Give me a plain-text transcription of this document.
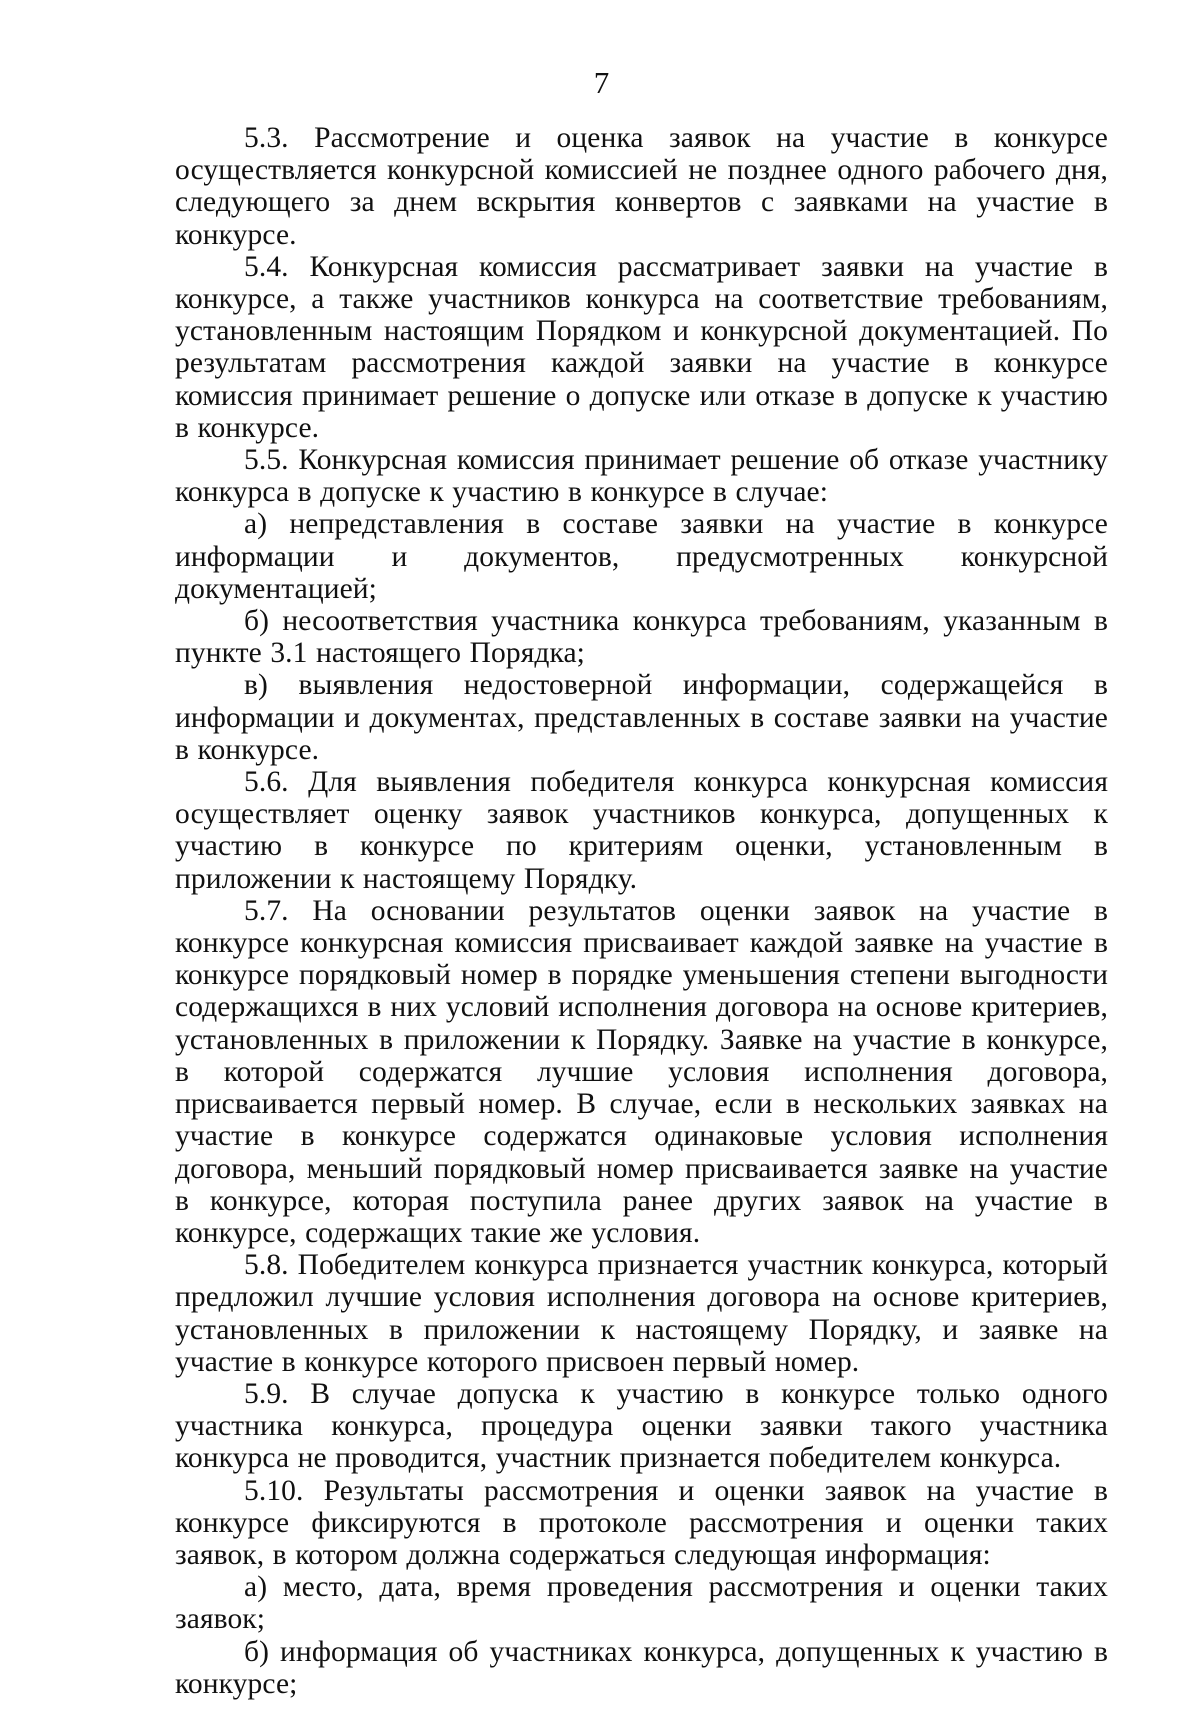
7

5.3. Рассмотрение и оценка заявок на участие в конкурсе осуществляется конкурсной комиссией не позднее одного рабочего дня, следующего за днем вскрытия конвертов с заявками на участие в конкурсе.

5.4. Конкурсная комиссия рассматривает заявки на участие в конкурсе, а также участников конкурса на соответствие требованиям, установленным настоящим Порядком и конкурсной документацией. По результатам рассмотрения каждой заявки на участие в конкурсе комиссия принимает решение о допуске или отказе в допуске к участию в конкурсе.

5.5. Конкурсная комиссия принимает решение об отказе участнику конкурса в допуске к участию в конкурсе в случае:

а) непредставления в составе заявки на участие в конкурсе информации и документов, предусмотренных конкурсной документацией;

б) несоответствия участника конкурса требованиям, указанным в пункте 3.1 настоящего Порядка;

в) выявления недостоверной информации, содержащейся в информации и документах, представленных в составе заявки на участие в конкурсе.

5.6. Для выявления победителя конкурса конкурсная комиссия осуществляет оценку заявок участников конкурса, допущенных к участию в конкурсе по критериям оценки, установленным в приложении к настоящему Порядку.

5.7. На основании результатов оценки заявок на участие в конкурсе конкурсная комиссия присваивает каждой заявке на участие в конкурсе порядковый номер в порядке уменьшения степени выгодности содержащихся в них условий исполнения договора на основе критериев, установленных в приложении к Порядку. Заявке на участие в конкурсе, в которой содержатся лучшие условия исполнения договора, присваивается первый номер. В случае, если в нескольких заявках на участие в конкурсе содержатся одинаковые условия исполнения договора, меньший порядковый номер присваивается заявке на участие в конкурсе, которая поступила ранее других заявок на участие в конкурсе, содержащих такие же условия.

5.8. Победителем конкурса признается участник конкурса, который предложил лучшие условия исполнения договора на основе критериев, установленных в приложении к настоящему Порядку, и заявке на участие в конкурсе которого присвоен первый номер.

5.9. В случае допуска к участию в конкурсе только одного участника конкурса, процедура оценки заявки такого участника конкурса не проводится, участник признается победителем конкурса.

5.10. Результаты рассмотрения и оценки заявок на участие в конкурсе фиксируются в протоколе рассмотрения и оценки таких заявок, в котором должна содержаться следующая информация:

а) место, дата, время проведения рассмотрения и оценки таких заявок;

б) информация об участниках конкурса, допущенных к участию в конкурсе;
